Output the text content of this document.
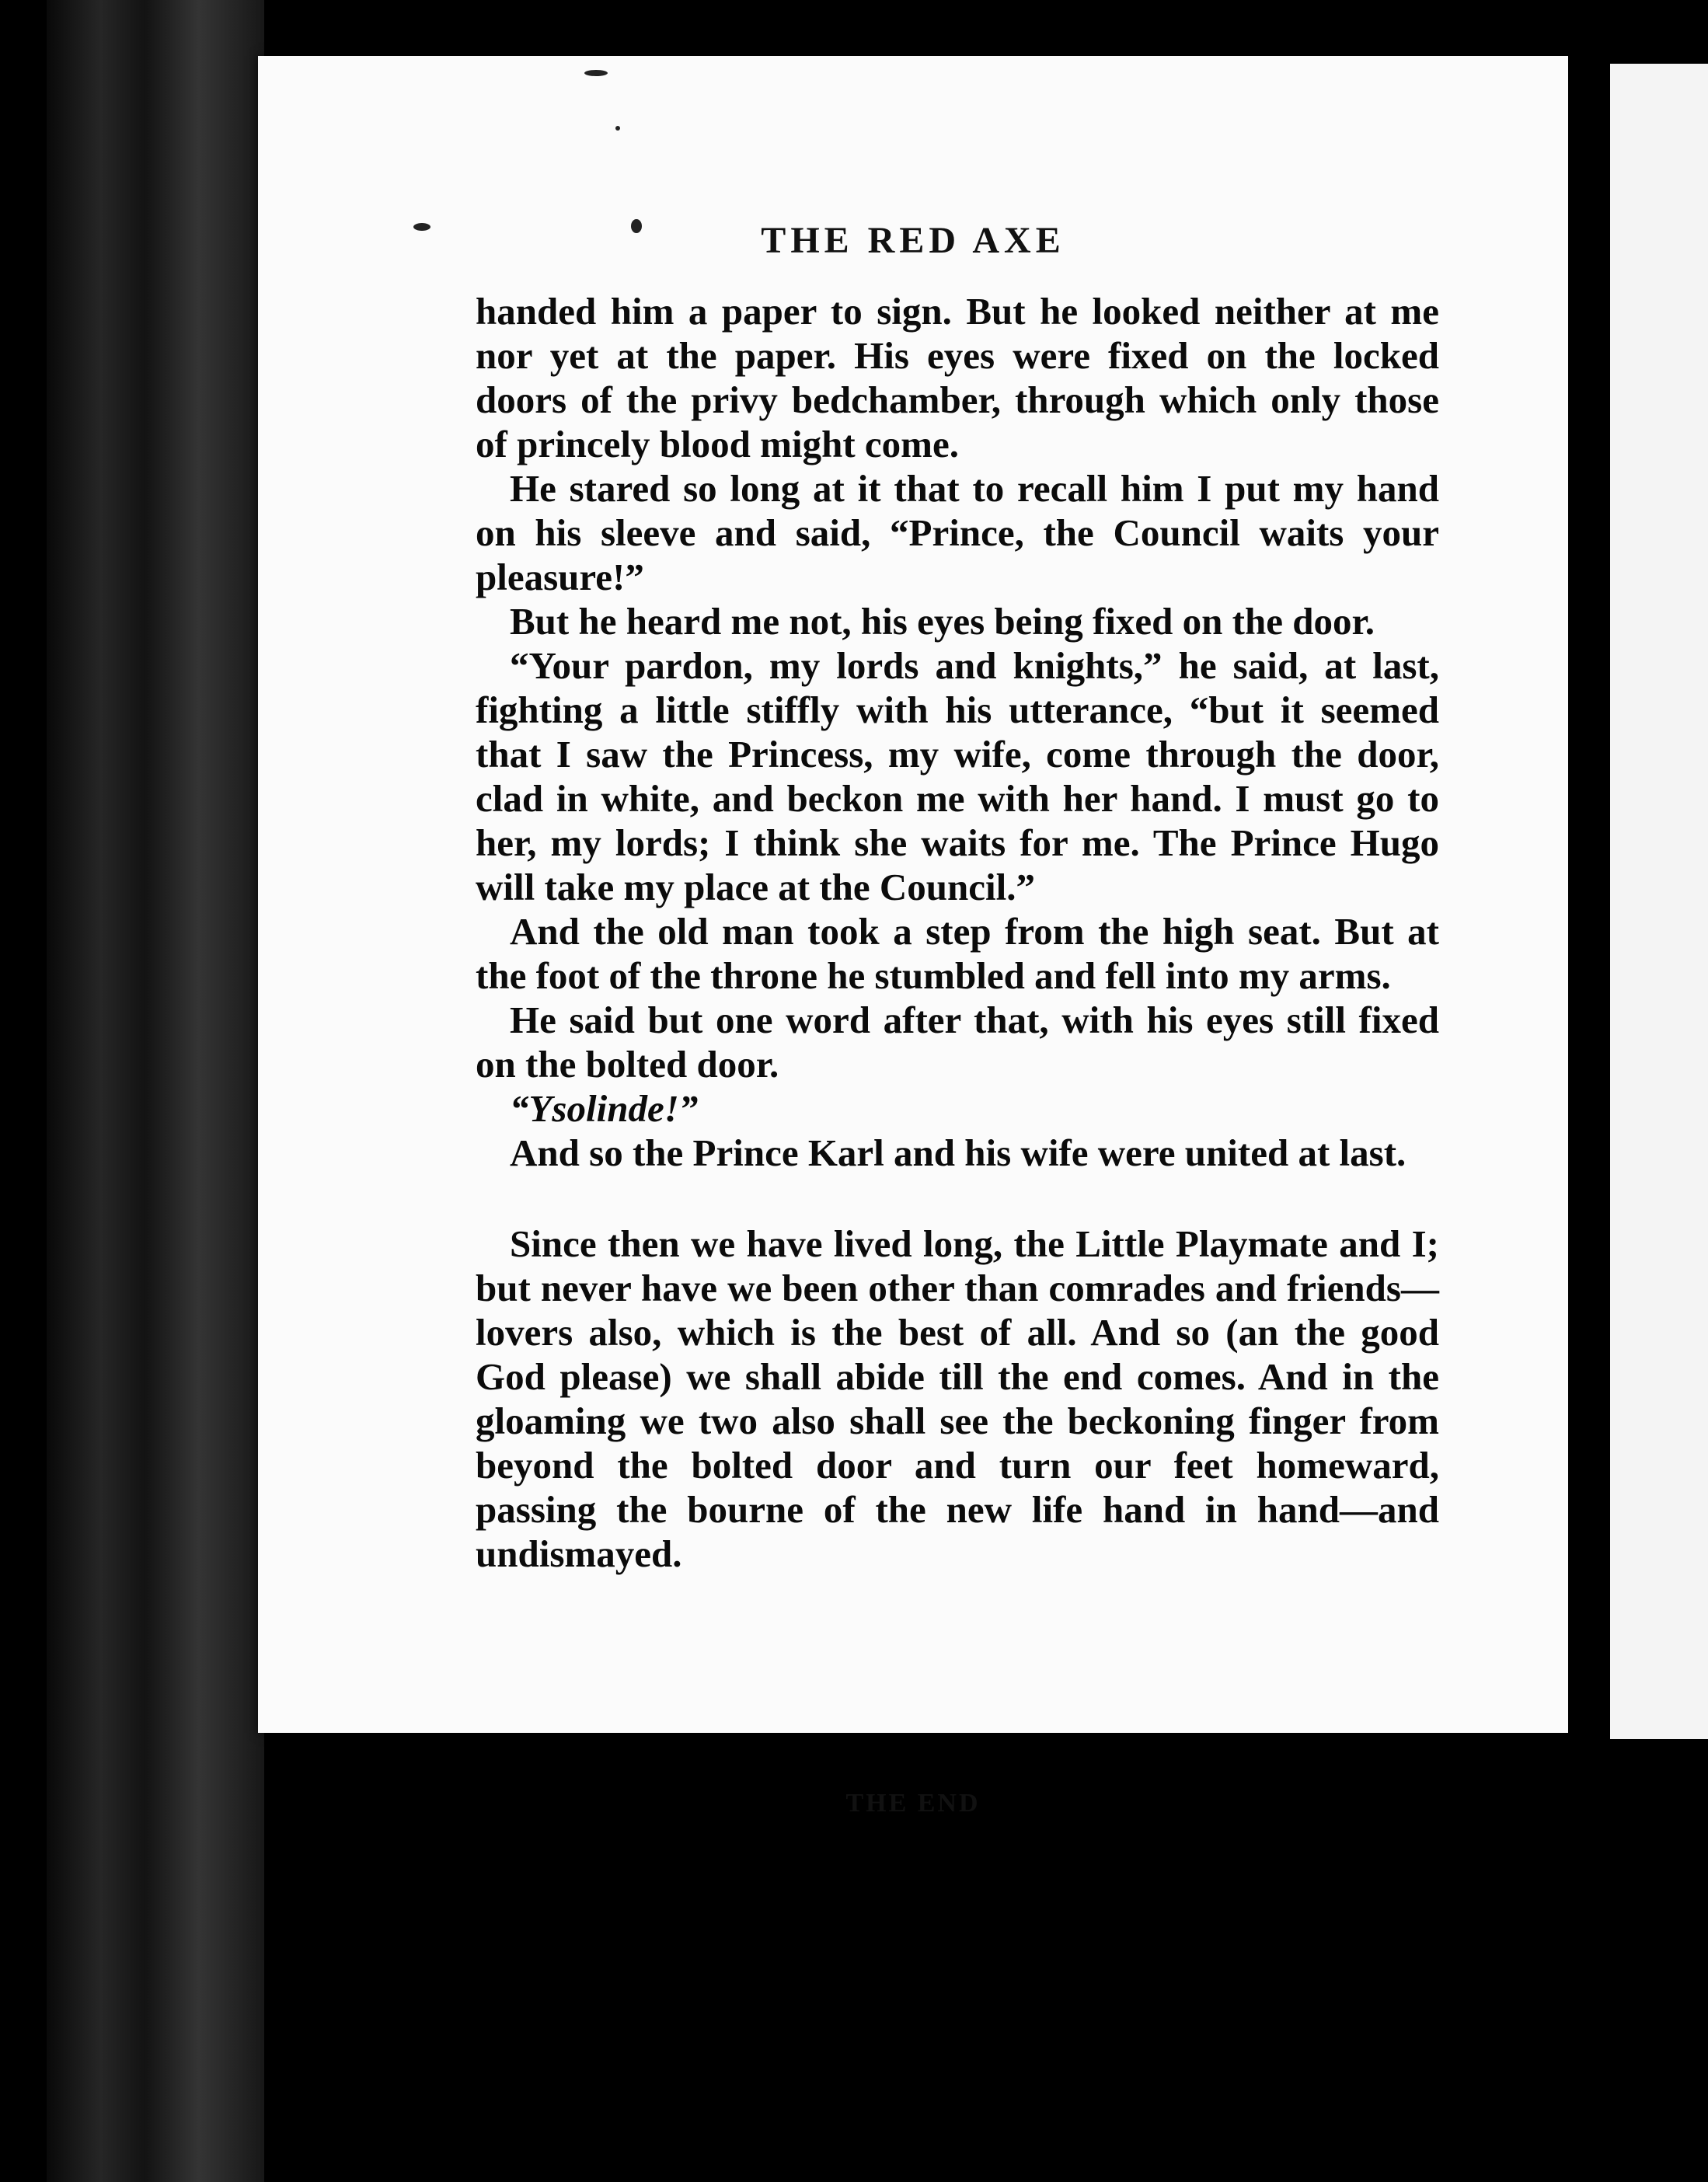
THE RED AXE

handed him a paper to sign. But he looked neither at me nor yet at the paper. His eyes were fixed on the locked doors of the privy bedchamber, through which only those of princely blood might come.

He stared so long at it that to recall him I put my hand on his sleeve and said, “Prince, the Council waits your pleasure!”

But he heard me not, his eyes being fixed on the door.

“Your pardon, my lords and knights,” he said, at last, fighting a little stiffly with his utterance, “but it seemed that I saw the Princess, my wife, come through the door, clad in white, and beckon me with her hand. I must go to her, my lords; I think she waits for me. The Prince Hugo will take my place at the Council.”

And the old man took a step from the high seat. But at the foot of the throne he stumbled and fell into my arms.

He said but one word after that, with his eyes still fixed on the bolted door.

“Ysolinde!”

And so the Prince Karl and his wife were united at last.

Since then we have lived long, the Little Playmate and I; but never have we been other than comrades and friends—lovers also, which is the best of all. And so (an the good God please) we shall abide till the end comes. And in the gloaming we two also shall see the beckoning finger from beyond the bolted door and turn our feet homeward, passing the bourne of the new life hand in hand—and undismayed.

THE END
